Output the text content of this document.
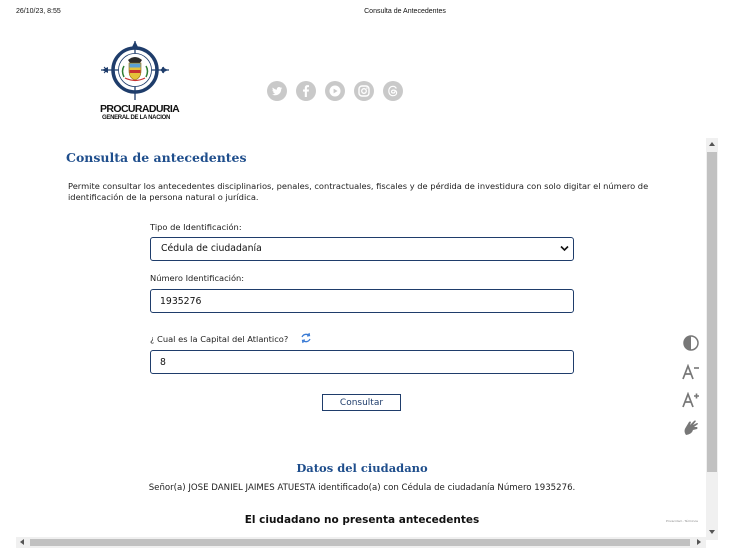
26/10/23, 8:55	Consulta de Antecedentes
PROCURADURIA
GENERAL DE LA NACION
Consulta de antecedentes
Permite consultar los antecedentes disciplinarios, penales, contractuales, fiscales y de pérdida de investidura con solo digitar el número de identificación de la persona natural o jurídica.
Tipo de Identificación:
Cédula de ciudadanía
Número Identificación:
1935276
¿ Cual es la Capital del Atlantico?
8
Consultar
Datos del ciudadano
Señor(a) JOSE DANIEL JAIMES ATUESTA identificado(a) con Cédula de ciudadanía Número 1935276.
El ciudadano no presenta antecedentes	Privacidad - Términos
